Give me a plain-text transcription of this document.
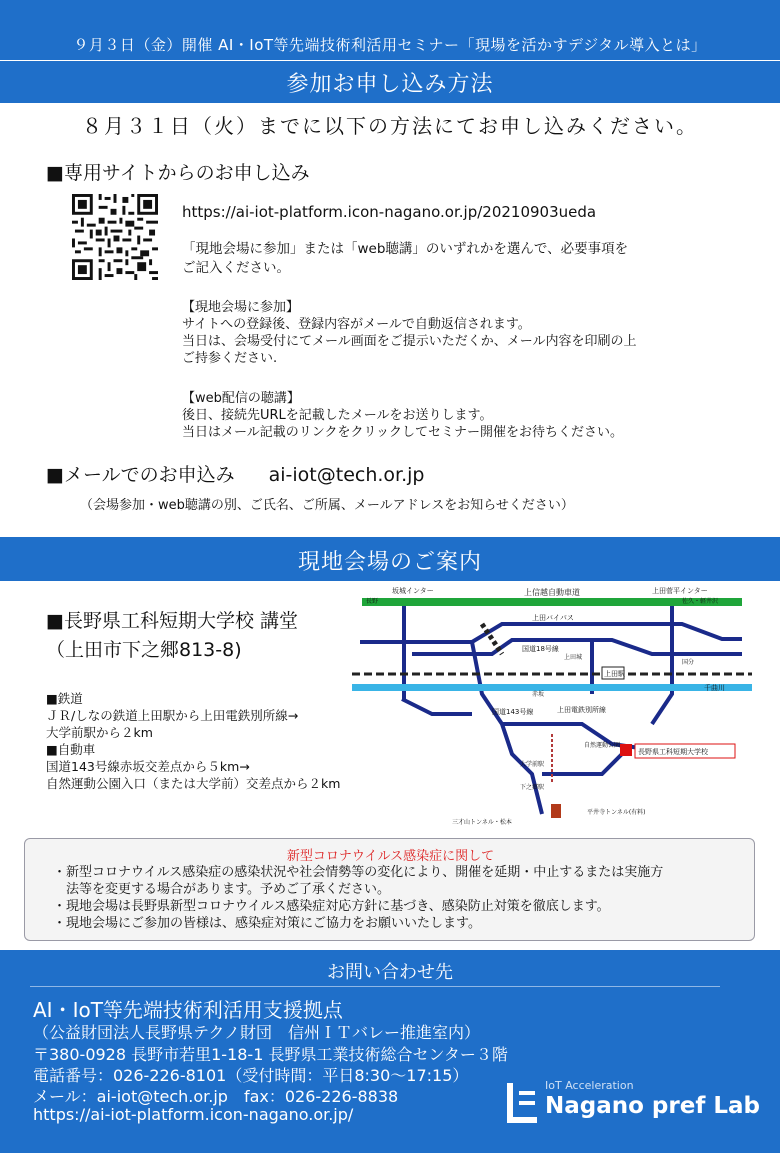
９月３日（金）開催 AI・IoT等先端技術利活用セミナー「現場を活かすデジタル導入とは」
参加お申し込み方法
８月３１日（火）までに以下の方法にてお申し込みください。
■専用サイトからのお申し込み
https://ai-iot-platform.icon-nagano.or.jp/20210903ueda
「現地会場に参加」または「web聴講」のいずれかを選んで、必要事項を
ご記入ください。
【現地会場に参加】
サイトへの登録後、登録内容がメールで自動返信されます。
当日は、会場受付にてメール画面をご提示いただくか、メール内容を印刷の上
ご持参ください.
【web配信の聴講】
後日、接続先URLを記載したメールをお送りします。
当日はメール記載のリンクをクリックしてセミナー開催をお待ちください。
■メールでのお申込み ai-iot@tech.or.jp
（会場参加・web聴講の別、ご氏名、ご所属、メールアドレスをお知らせください）
現地会場のご案内
■長野県工科短期大学校 講堂
（上田市下之郷813-8)
■鉄道
ＪＲ/しなの鉄道上田駅から上田電鉄別所線→
大学前駅から２km
■自動車
国道143号線赤坂交差点から５km→
自然運動公園入口（または大学前）交差点から２km
上信越自動車道
坂城インター	上田菅平インター
佐久・軽井沢
長野
千曲川
上田バイパス
国道18号線
国道143号線	上田電鉄別所線
上田駅
上田城
国分
赤坂
長野県工科短期大学校
自然運動公園
大学前駅
下之郷駅
平井寺トンネル(有料)
三才山トンネル・松本
新型コロナウイルス感染症に関して
・新型コロナウイルス感染症の感染状況や社会情勢等の変化により、開催を延期・中止するまたは実施方
　法等を変更する場合があります。予めご了承ください。
・現地会場は長野県新型コロナウイルス感染症対応方針に基づき、感染防止対策を徹底します。
・現地会場にご参加の皆様は、感染症対策にご協力をお願いいたします。
お問い合わせ先
AI・IoT等先端技術利活用支援拠点
（公益財団法人長野県テクノ財団　信州ＩＴバレー推進室内）
〒380-0928 長野市若里1-18-1 長野県工業技術総合センター３階
電話番号：026-226-8101（受付時間：平日8:30〜17:15）
メール：ai-iot@tech.or.jp　fax：026-226-8838
https://ai-iot-platform.icon-nagano.or.jp/
IoT Acceleration
Nagano pref Lab
